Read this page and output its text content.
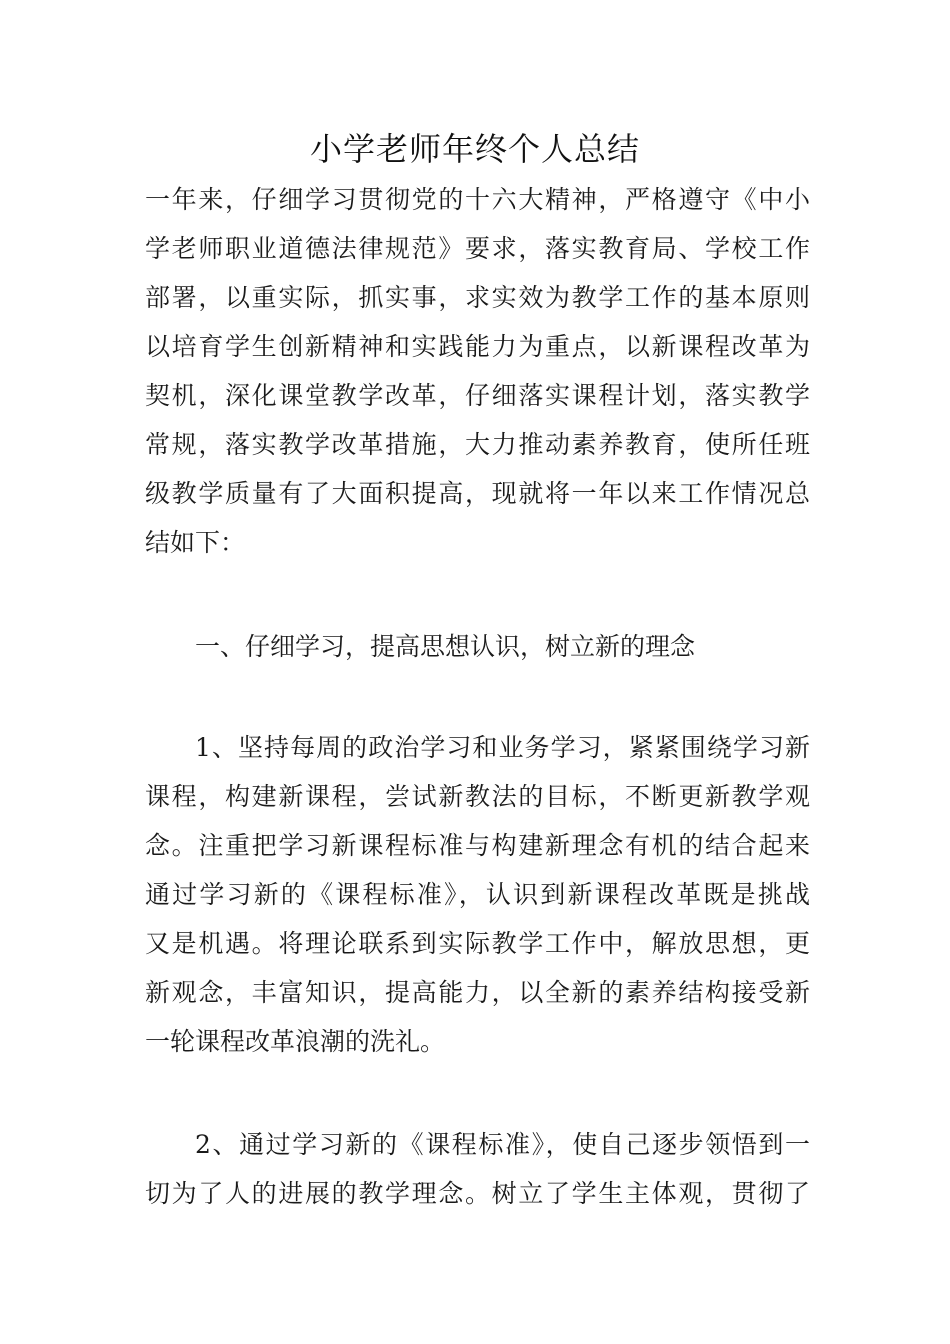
小学老师年终个人总结
一年来，仔细学习贯彻党的十六大精神，严格遵守《中小
学老师职业道德法律规范》要求，落实教育局、学校工作
部署，以重实际，抓实事，求实效为教学工作的基本原则
以培育学生创新精神和实践能力为重点，以新课程改革为
契机，深化课堂教学改革，仔细落实课程计划，落实教学
常规，落实教学改革措施，大力推动素养教育，使所任班
级教学质量有了大面积提高，现就将一年以来工作情况总
结如下：
一、仔细学习，提高思想认识，树立新的理念
1、坚持每周的政治学习和业务学习，紧紧围绕学习新
课程，构建新课程，尝试新教法的目标，不断更新教学观
念。注重把学习新课程标准与构建新理念有机的结合起来
通过学习新的《课程标准》，认识到新课程改革既是挑战
又是机遇。将理论联系到实际教学工作中，解放思想，更
新观念，丰富知识，提高能力，以全新的素养结构接受新
一轮课程改革浪潮的洗礼。
2、通过学习新的《课程标准》，使自己逐步领悟到一
切为了人的进展的教学理念。树立了学生主体观，贯彻了
